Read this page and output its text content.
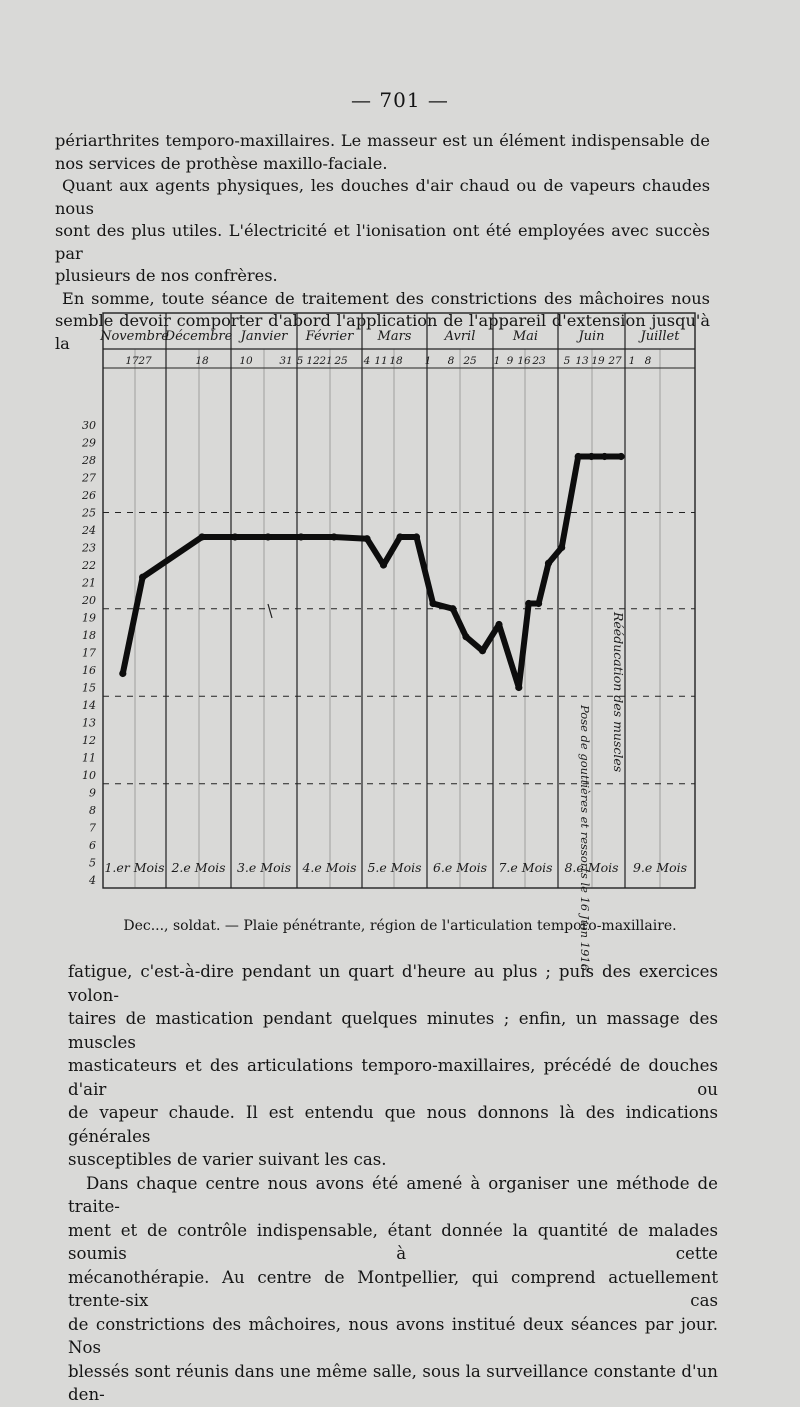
— 701 —
périarthrites temporo-maxillaires. Le masseur est un élément indispensable de
nos services de prothèse maxillo-faciale.
Quant aux agents physiques, les douches d'air chaud ou de vapeurs chaudes nous
sont des plus utiles. L'électricité et l'ionisation ont été employées avec succès par
plusieurs de nos confrères.
En somme, toute séance de traitement des constrictions des mâchoires nous
semble devoir comporter d'abord l'application de l'appareil d'extension jusqu'à la	Novembre
Décembre Janvier Février Mars	Avril	Mai	Juin	Juillet
17 27	18	10	31 5 12 21 25 4 11 18 1 8 25 1 9 16 23 5 13 19 27 1 8
30
29
28
27
26
25
24
23
22
21
20
19
18
17
16
15
14
13
12
11
10
9
8
7
6
5
4
1.er Mois 2.e Mois 3.e Mois 4.e Mois 5.e Mois 6.e Mois 7.e Mois 8.e Mois 9.e Mois
Rééducation des muscles
Pose de gouttières et ressorts le 16 Juin 1916
Dec..., soldat. — Plaie pénétrante, région de l'articulation temporo-maxillaire.
fatigue, c'est-à-dire pendant un quart d'heure au plus ; puis des exercices volon-
taires de mastication pendant quelques minutes ; enfin, un massage des muscles
masticateurs et des articulations temporo-maxillaires, précédé de douches d'air ou
de vapeur chaude. Il est entendu que nous donnons là des indications générales
susceptibles de varier suivant les cas.
Dans chaque centre nous avons été amené à organiser une méthode de traite-
ment et de contrôle indispensable, étant donnée la quantité de malades soumis à cette
mécanothérapie. Au centre de Montpellier, qui comprend actuellement trente-six cas
de constrictions des mâchoires, nous avons institué deux séances par jour. Nos
blessés sont réunis dans une même salle, sous la surveillance constante d'un den-
